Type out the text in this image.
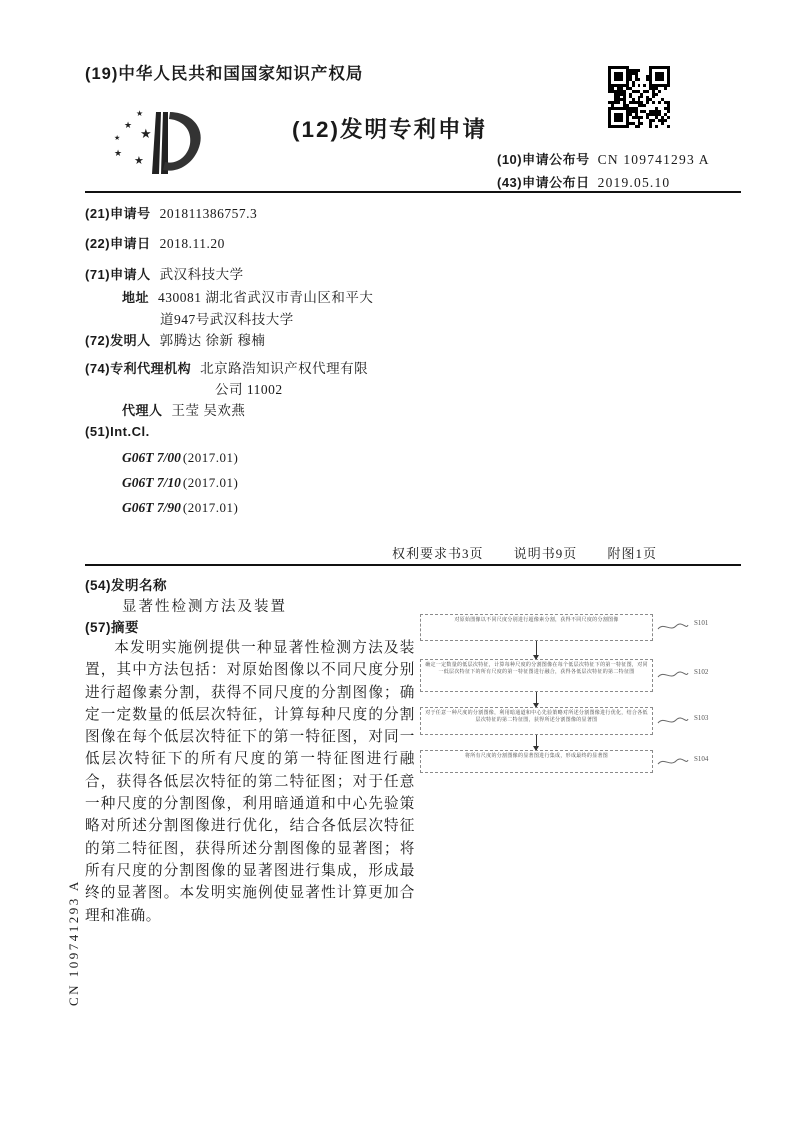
(19)中华人民共和国国家知识产权局
★
★
★ ★
★
★
(12)发明专利申请
(10)申请公布号 CN 109741293 A
(43)申请公布日 2019.05.10
(21)申请号 201811386757.3
(22)申请日 2018.11.20
(71)申请人 武汉科技大学
地址 430081 湖北省武汉市青山区和平大
道947号武汉科技大学
(72)发明人 郭腾达 徐新 穆楠
(74)专利代理机构 北京路浩知识产权代理有限
公司 11002
代理人 王莹 吴欢燕
(51)Int.Cl.
G06T 7/00 (2017.01)
G06T 7/10 (2017.01)
G06T 7/90 (2017.01)
权利要求书3页 说明书9页 附图1页
(54)发明名称
显著性检测方法及装置
(57)摘要
本发明实施例提供一种显著性检测方法及装置，其中方法包括：对原始图像以不同尺度分别进行超像素分割，获得不同尺度的分割图像；确定一定数量的低层次特征，计算每种尺度的分割图像在每个低层次特征下的第一特征图，对同一低层次特征下的所有尺度的第一特征图进行融合，获得各低层次特征的第二特征图；对于任意一种尺度的分割图像，利用暗通道和中心先验策略对所述分割图像进行优化，结合各低层次特征的第二特征图，获得所述分割图像的显著图；将所有尺度的分割图像的显著图进行集成，形成最终的显著图。本发明实施例使显著性计算更加合理和准确。
对原始图像以不同尺度分别进行超像素分割，获得不同尺度的分割图像
确定一定数量的低层次特征，计算每种尺度的分割图像在每个低层次特征下的第一特征图，对同一低层次特征下的所有尺度的第一特征图进行融合，获得各低层次特征的第二特征图
对于任意一种尺度的分割图像，利用暗通道和中心先验策略对所述分割图像进行优化，结合各低层次特征的第二特征图，获得所述分割图像的显著图
将所有尺度的分割图像的显著图进行集成，形成最终的显著图
S101
S102
S103
S104
CN 109741293 A
